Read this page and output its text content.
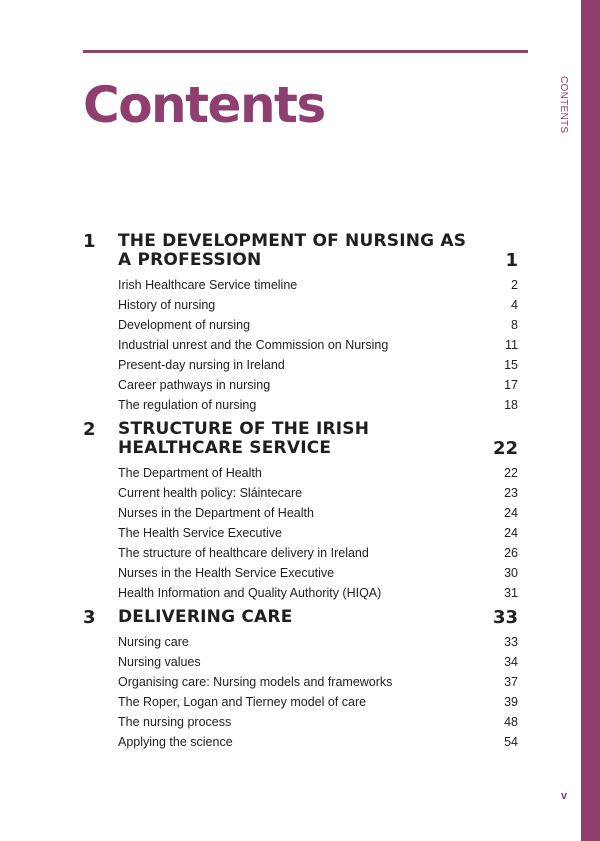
CONTENTS
Contents
1 THE DEVELOPMENT OF NURSING AS A PROFESSION	1
Irish Healthcare Service timeline	2
History of nursing	4
Development of nursing	8
Industrial unrest and the Commission on Nursing	11
Present-day nursing in Ireland	15
Career pathways in nursing	17
The regulation of nursing	18
2 STRUCTURE OF THE IRISH HEALTHCARE SERVICE	22
The Department of Health	22
Current health policy: Sláintecare	23
Nurses in the Department of Health	24
The Health Service Executive	24
The structure of healthcare delivery in Ireland	26
Nurses in the Health Service Executive	30
Health Information and Quality Authority (HIQA)	31
3 DELIVERING CARE	33
Nursing care	33
Nursing values	34
Organising care: Nursing models and frameworks	37
The Roper, Logan and Tierney model of care	39
The nursing process	48
Applying the science	54
v
